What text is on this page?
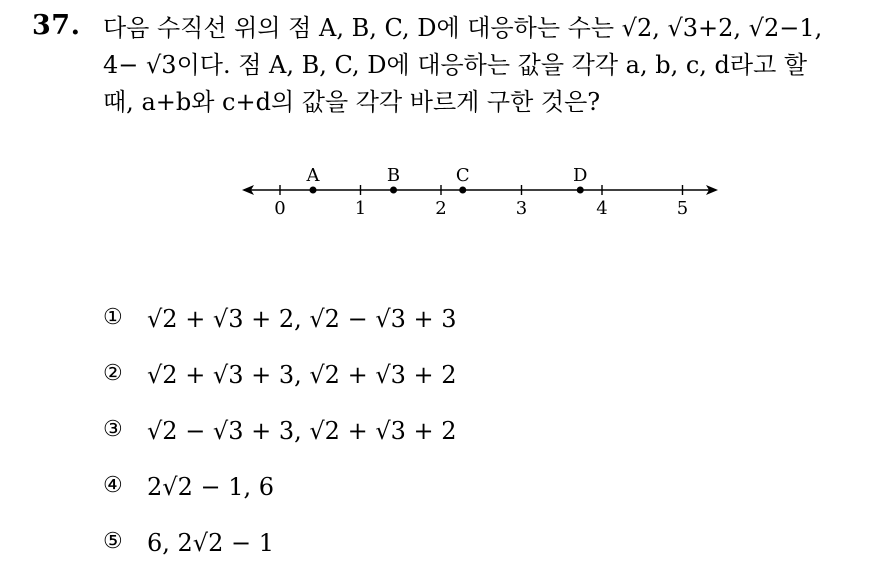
37. 다음 수직선 위의 점 A, B, C, D에 대응하는 수는 √2, √3+2, √2−1,
4− √3이다. 점 A, B, C, D에 대응하는 값을 각각 a, b, c, d라고 할
때, a+b와 c+d의 값을 각각 바르게 구한 것은?
0	1	2	3	4	5
A	B	C	D
①	√2 + √3 + 2, √2 − √3 + 3
②	√2 + √3 + 3, √2 + √3 + 2
③	√2 − √3 + 3, √2 + √3 + 2
④	2√2 − 1, 6
⑤	6, 2√2 − 1
